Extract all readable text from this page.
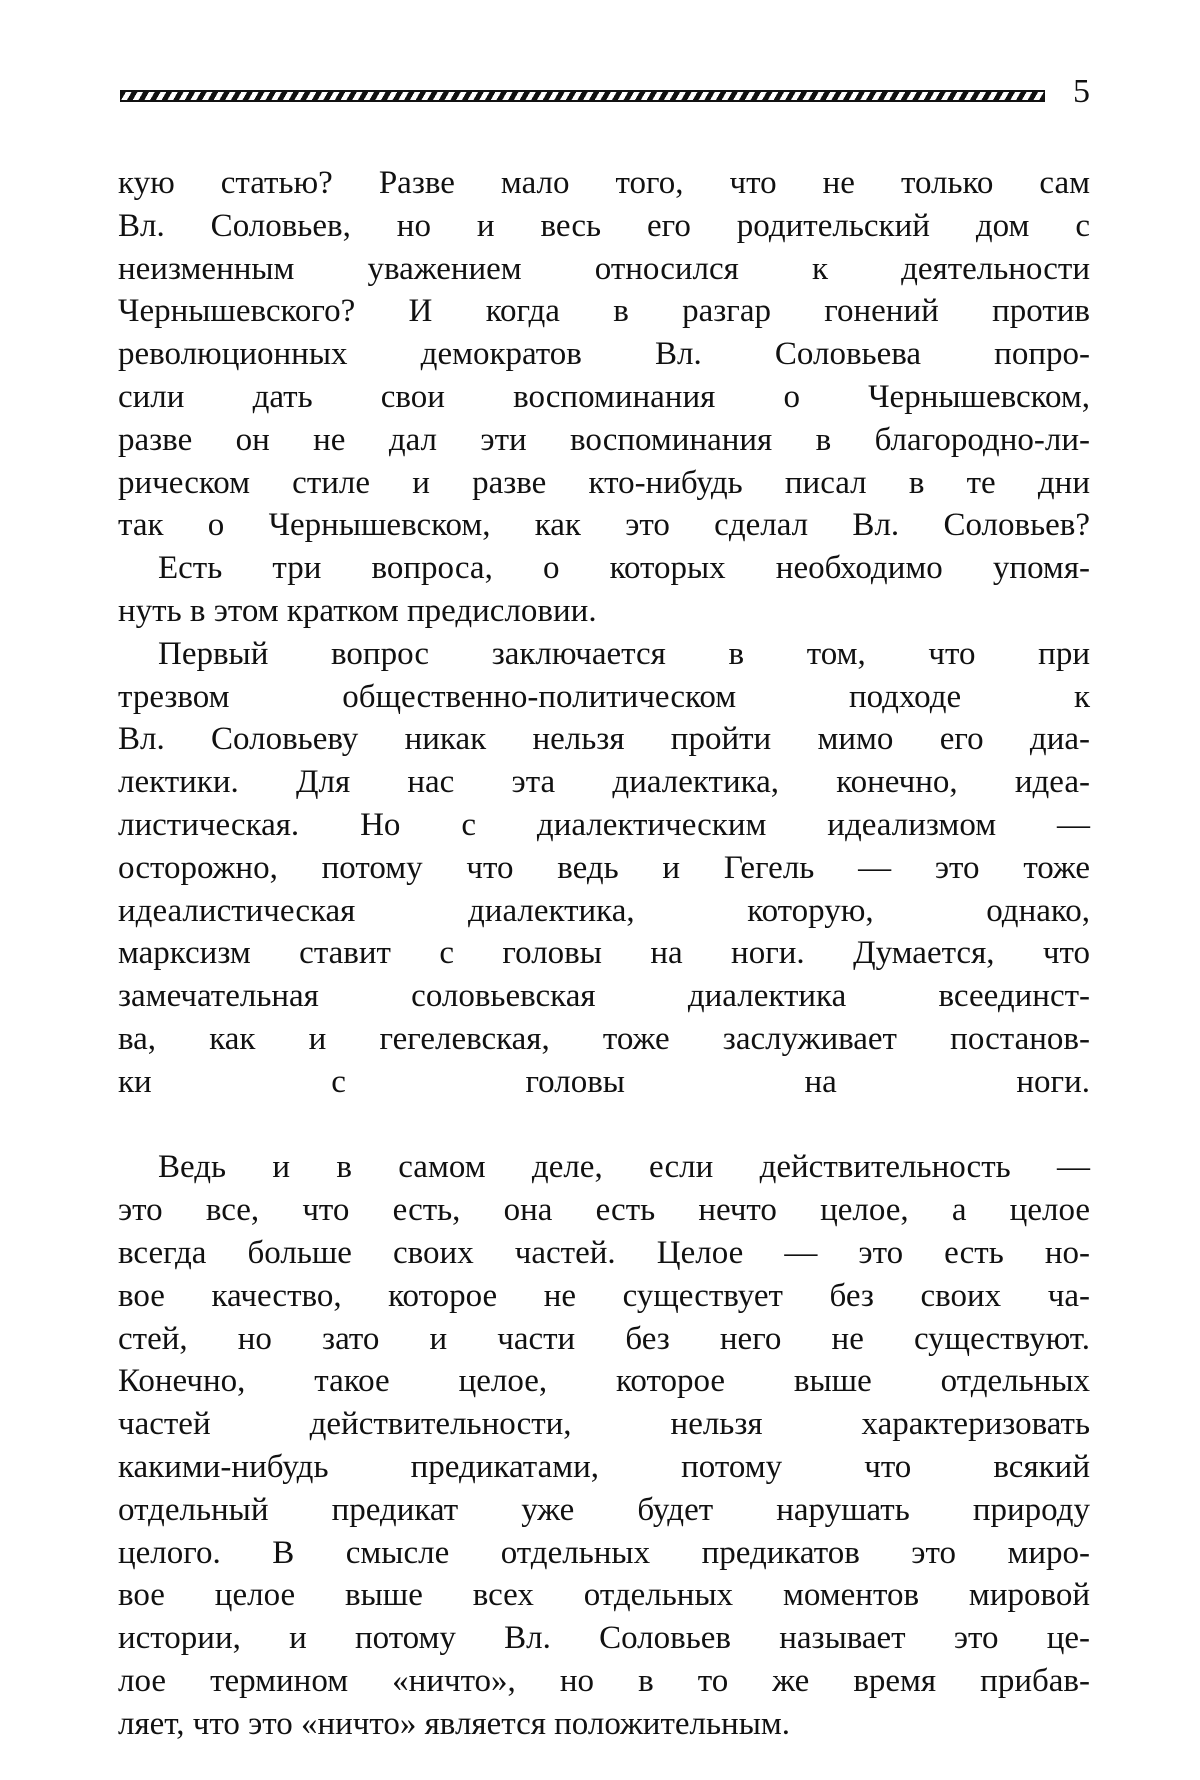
5
кую статью? Разве мало того, что не только сам
Вл. Соловьев, но и весь его родительский дом с
неизменным уважением относился к деятельности
Чернышевского? И когда в разгар гонений против
революционных демократов Вл. Соловьева попро-
сили дать свои воспоминания о Чернышевском,
разве он не дал эти воспоминания в благородно-ли-
рическом стиле и разве кто-нибудь писал в те дни
так о Чернышевском, как это сделал Вл. Соловьев?
Есть три вопроса, о которых необходимо упомя-
нуть в этом кратком предисловии.
Первый вопрос заключается в том, что при
трезвом общественно-политическом подходе к
Вл. Соловьеву никак нельзя пройти мимо его диа-
лектики. Для нас эта диалектика, конечно, идеа-
листическая. Но с диалектическим идеализмом —
осторожно, потому что ведь и Гегель — это тоже
идеалистическая диалектика, которую, однако,
марксизм ставит с головы на ноги. Думается, что
замечательная соловьевская диалектика всеединст-
ва, как и гегелевская, тоже заслуживает постанов-
ки с головы на ноги.
Ведь и в самом деле, если действительность —
это все, что есть, она есть нечто целое, а целое
всегда больше своих частей. Целое — это есть но-
вое качество, которое не существует без своих ча-
стей, но зато и части без него не существуют.
Конечно, такое целое, которое выше отдельных
частей действительности, нельзя характеризовать
какими-нибудь предикатами, потому что всякий
отдельный предикат уже будет нарушать природу
целого. В смысле отдельных предикатов это миро-
вое целое выше всех отдельных моментов мировой
истории, и потому Вл. Соловьев называет это це-
лое термином «ничто», но в то же время прибав-
ляет, что это «ничто» является положительным.
